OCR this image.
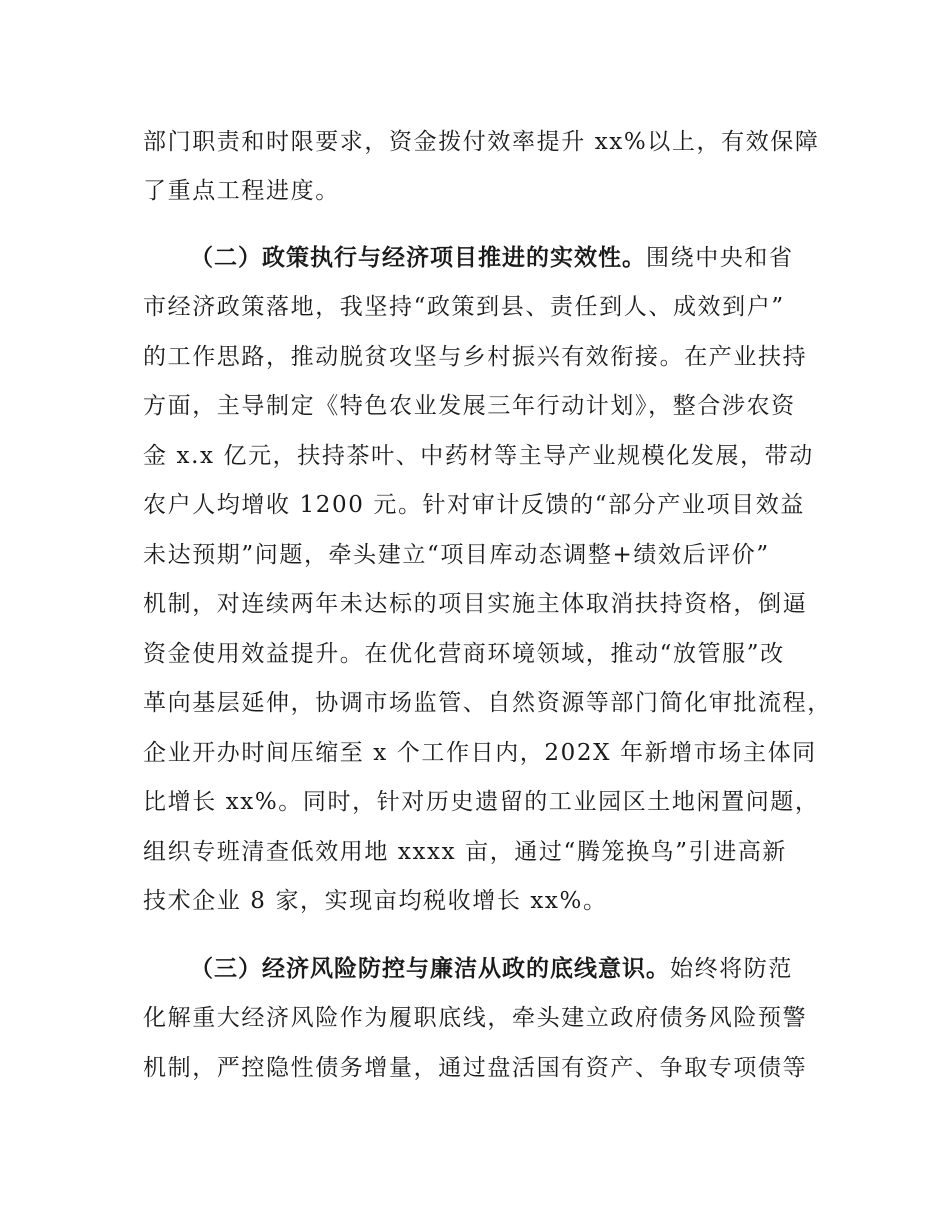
部门职责和时限要求，资金拨付效率提升 xx%以上，有效保障
了重点工程进度。
（二）政策执行与经济项目推进的实效性。围绕中央和省
市经济政策落地，我坚持“政策到县、责任到人、成效到户”
的工作思路，推动脱贫攻坚与乡村振兴有效衔接。在产业扶持
方面，主导制定《特色农业发展三年行动计划》，整合涉农资
金 x.x 亿元，扶持茶叶、中药材等主导产业规模化发展，带动
农户人均增收 1200 元。针对审计反馈的“部分产业项目效益
未达预期”问题，牵头建立“项目库动态调整+绩效后评价”
机制，对连续两年未达标的项目实施主体取消扶持资格，倒逼
资金使用效益提升。在优化营商环境领域，推动“放管服”改
革向基层延伸，协调市场监管、自然资源等部门简化审批流程，
企业开办时间压缩至 x 个工作日内，202X 年新增市场主体同
比增长 xx%。同时，针对历史遗留的工业园区土地闲置问题，
组织专班清查低效用地 xxxx 亩，通过“腾笼换鸟”引进高新
技术企业 8 家，实现亩均税收增长 xx%。
（三）经济风险防控与廉洁从政的底线意识。始终将防范
化解重大经济风险作为履职底线，牵头建立政府债务风险预警
机制，严控隐性债务增量，通过盘活国有资产、争取专项债等
